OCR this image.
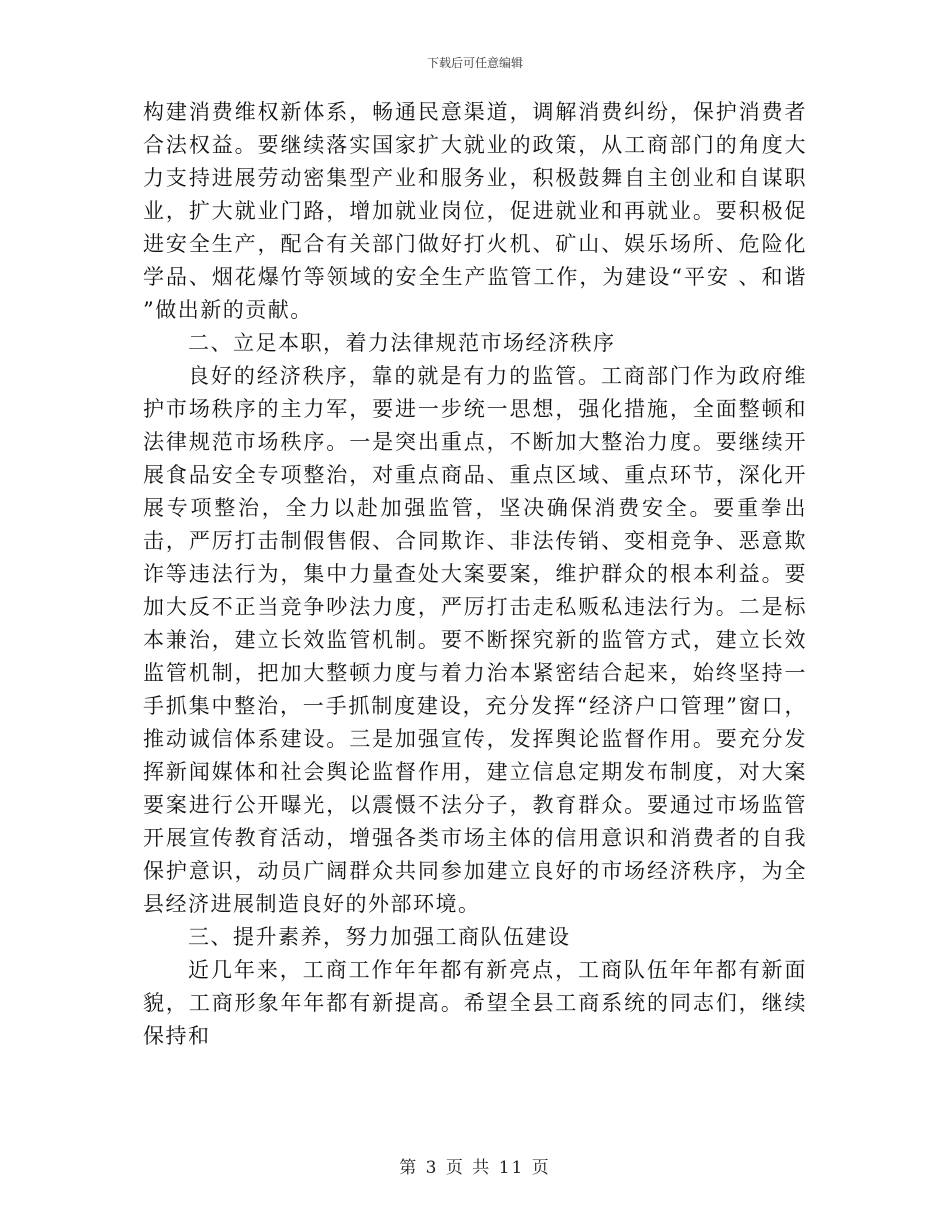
下载后可任意编辑

构建消费维权新体系，畅通民意渠道，调解消费纠纷，保护消费者合法权益。要继续落实国家扩大就业的政策，从工商部门的角度大力支持进展劳动密集型产业和服务业，积极鼓舞自主创业和自谋职业，扩大就业门路，增加就业岗位，促进就业和再就业。要积极促进安全生产，配合有关部门做好打火机、矿山、娱乐场所、危险化学品、烟花爆竹等领域的安全生产监管工作，为建设“平安 、和谐 ”做出新的贡献。

二、立足本职，着力法律规范市场经济秩序

良好的经济秩序，靠的就是有力的监管。工商部门作为政府维护市场秩序的主力军，要进一步统一思想，强化措施，全面整顿和法律规范市场秩序。一是突出重点，不断加大整治力度。要继续开展食品安全专项整治，对重点商品、重点区域、重点环节，深化开展专项整治，全力以赴加强监管，坚决确保消费安全。要重拳出击，严厉打击制假售假、合同欺诈、非法传销、变相竞争、恶意欺诈等违法行为，集中力量查处大案要案，维护群众的根本利益。要加大反不正当竞争吵法力度，严厉打击走私贩私违法行为。二是标本兼治，建立长效监管机制。要不断探究新的监管方式，建立长效监管机制，把加大整顿力度与着力治本紧密结合起来，始终坚持一手抓集中整治，一手抓制度建设，充分发挥“经济户口管理”窗口，推动诚信体系建设。三是加强宣传，发挥舆论监督作用。要充分发挥新闻媒体和社会舆论监督作用，建立信息定期发布制度，对大案要案进行公开曝光，以震慑不法分子，教育群众。要通过市场监管开展宣传教育活动，增强各类市场主体的信用意识和消费者的自我保护意识，动员广阔群众共同参加建立良好的市场经济秩序，为全县经济进展制造良好的外部环境。

三、提升素养，努力加强工商队伍建设

近几年来，工商工作年年都有新亮点，工商队伍年年都有新面貌，工商形象年年都有新提高。希望全县工商系统的同志们，继续保持和

第 3 页 共 11 页
